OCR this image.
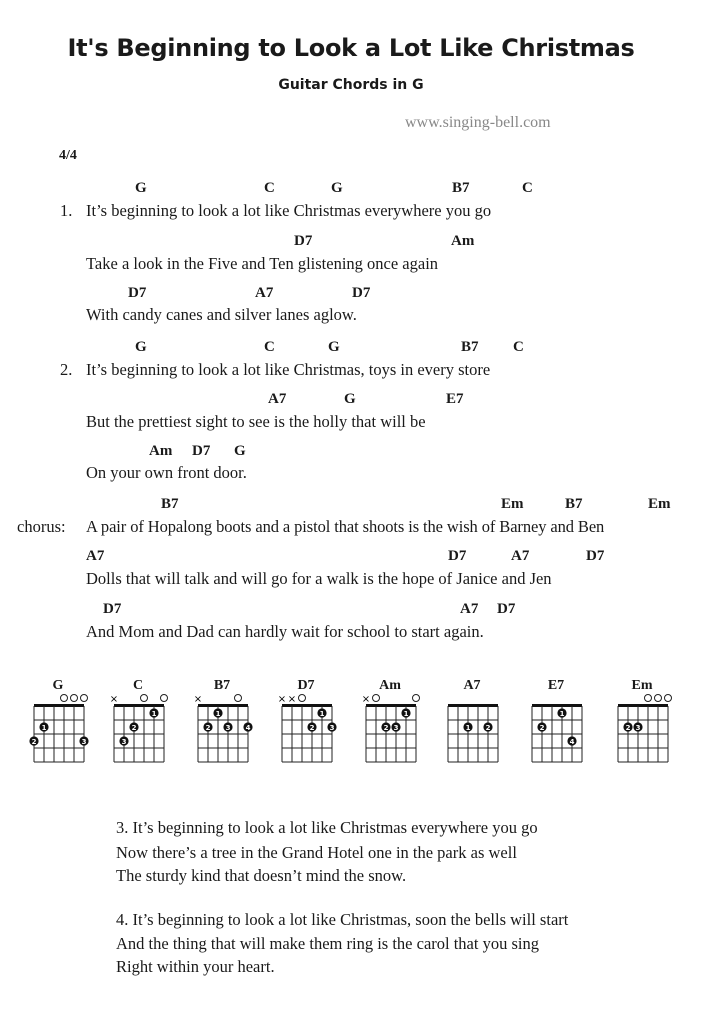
It's Beginning to Look a Lot Like Christmas
Guitar Chords in G
www.singing-bell.com
4/4
G	C	G	B7	C
1. It’s beginning to look a lot like Christmas everywhere you go
D7	Am
Take a look in the Five and Ten glistening once again
D7	A7	D7
With candy canes and silver lanes aglow.
G	C	G	B7 C
2. It’s beginning to look a lot like Christmas, toys in every store
A7	G	E7
But the prettiest sight to see is the holly that will be
Am D7 G
On your own front door.
B7	Em	B7	Em
chorus: A pair of Hopalong boots and a pistol that shoots is the wish of Barney and Ben
A7	D7	A7	D7
Dolls that will talk and will go for a walk is the hope of Janice and Jen
D7	A7 D7
And Mom and Dad can hardly wait for school to start again.
G
1
2	3
C
×
1
2
3
B7
×
1
2 3 4
D7
× ×
1
2 3
Am
×
1
2 3
A7
1 2
E7
1
2
4
Em
2 3
3. It’s beginning to look a lot like Christmas everywhere you go
Now there’s a tree in the Grand Hotel one in the park as well
The sturdy kind that doesn’t mind the snow.
4. It’s beginning to look a lot like Christmas, soon the bells will start
And the thing that will make them ring is the carol that you sing
Right within your heart.
